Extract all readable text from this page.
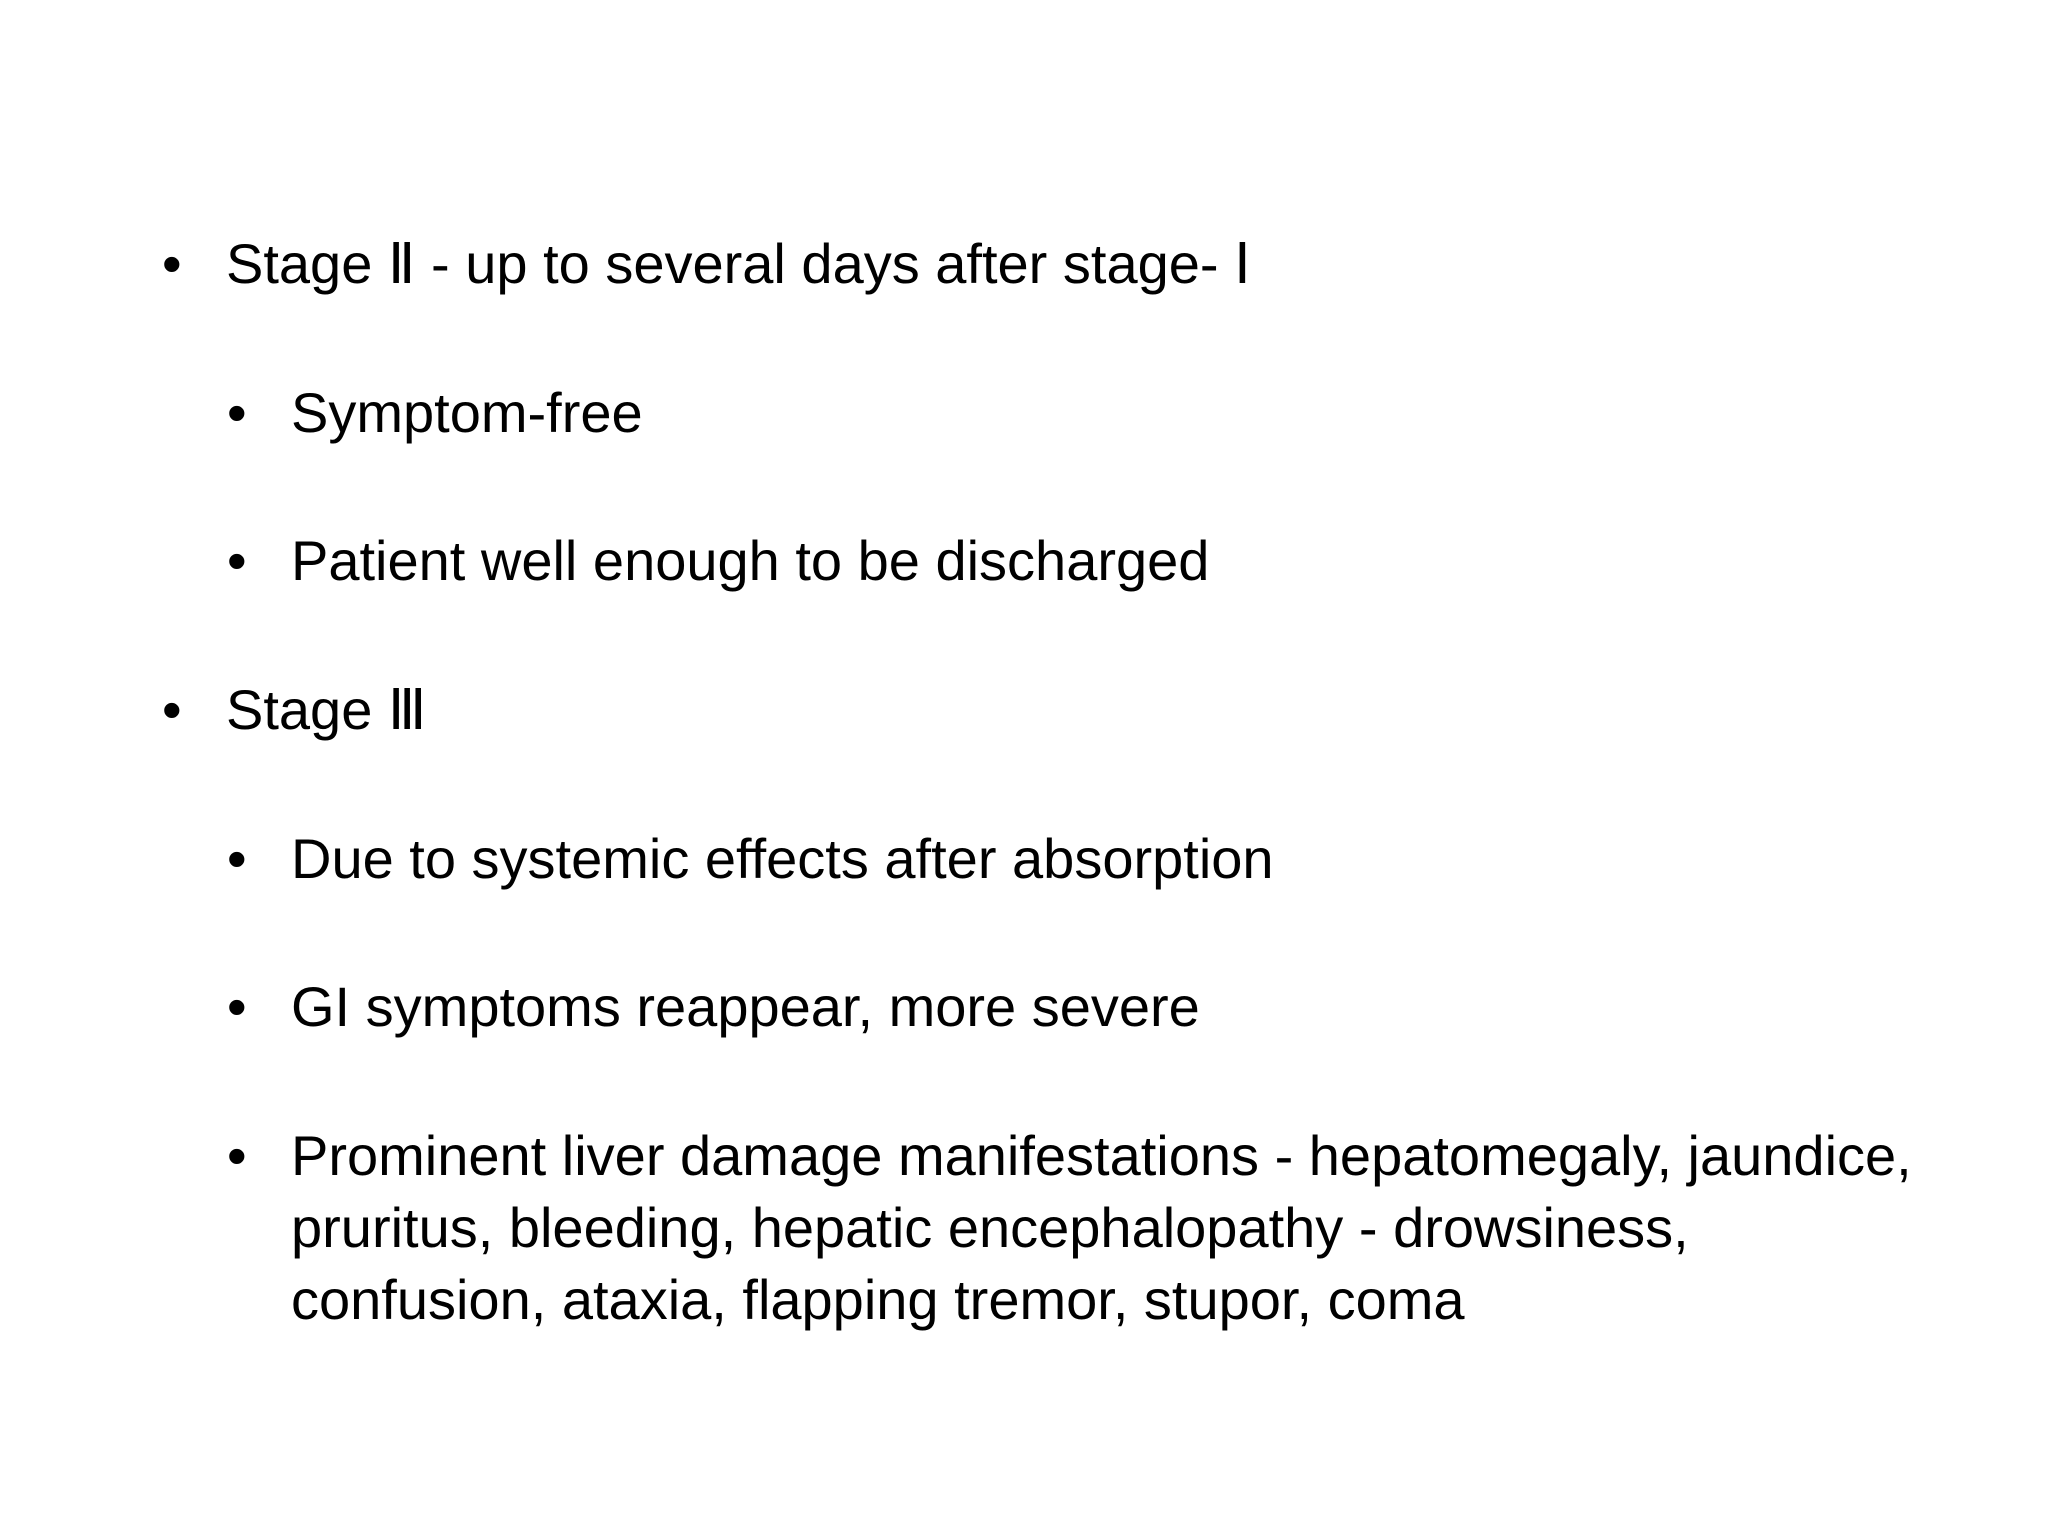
• Stage Ⅱ - up to several days after stage- Ⅰ
• Symptom-free
• Patient well enough to be discharged
• Stage Ⅲ
• Due to systemic effects after absorption
• GI symptoms reappear, more severe
• Prominent liver damage manifestations - hepatomegaly, jaundice, pruritus, bleeding, hepatic encephalopathy - drowsiness, confusion, ataxia, flapping tremor, stupor, coma
